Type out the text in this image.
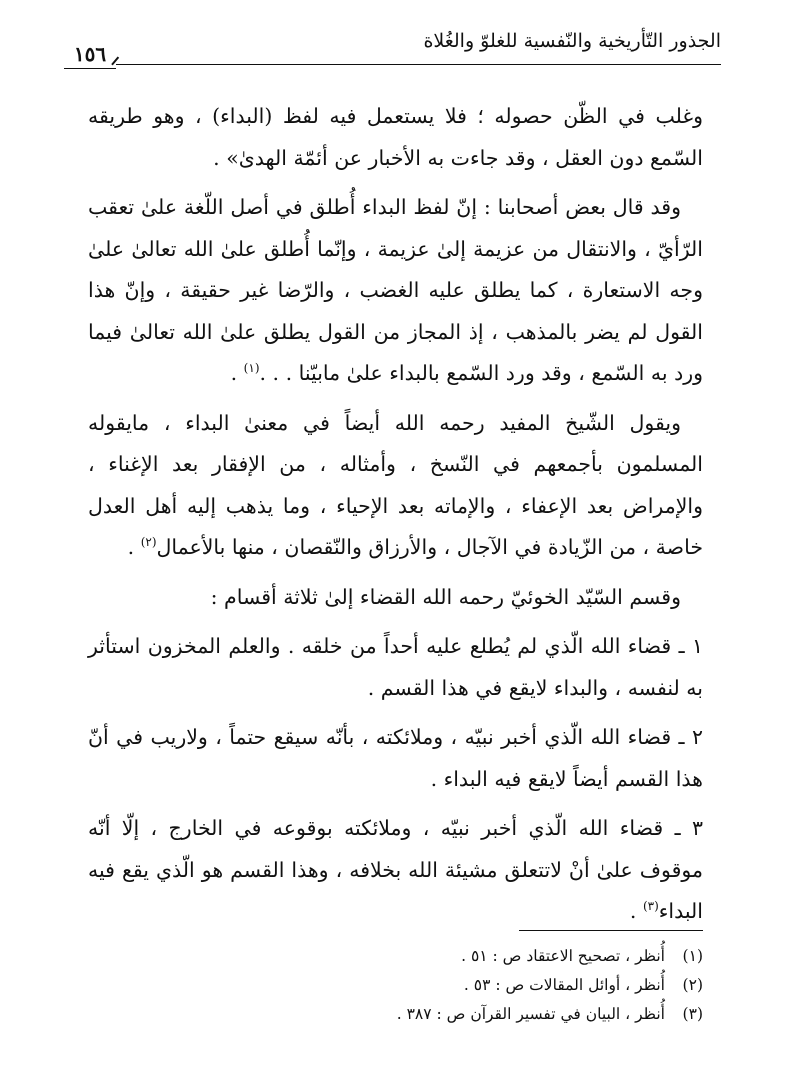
الجذور التّأريخية والنّفسية للغلوّ والغُلاة
١٥٦

وغلب في الظّن حصوله ؛ فلا يستعمل فيه لفظ (البداء) ، وهو طريقه السّمع دون العقل ، وقد جاءت به الأخبار عن أئمّة الهدىٰ» .

وقد قال بعض أصحابنا : إنّ لفظ البداء أُطلق في أصل اللّغة علىٰ تعقب الرّأيّ ، والانتقال من عزيمة إلىٰ عزيمة ، وإنّما أُطلق علىٰ الله تعالىٰ علىٰ وجه الاستعارة ، كما يطلق عليه الغضب ، والرّضا غير حقيقة ، وإنّ هذا القول لم يضر بالمذهب ، إذ المجاز من القول يطلق علىٰ الله تعالىٰ فيما ورد به السّمع ، وقد ورد السّمع بالبداء علىٰ مابيّنا . . .$^{(١)}$ .

ويقول الشّيخ المفيد رحمه الله أيضاً في معنىٰ البداء ، مايقوله المسلمون بأجمعهم في النّسخ ، وأمثاله ، من الإفقار بعد الإغناء ، والإمراض بعد الإعفاء ، والإماته بعد الإحياء ، وما يذهب إليه أهل العدل خاصة ، من الزّيادة في الآجال ، والأرزاق والنّقصان ، منها بالأعمال$^{(٢)}$ .

وقسم السّيّد الخوئيّ رحمه الله القضاء إلىٰ ثلاثة أقسام :

١ ـ قضاء الله الّذي لم يُطلع عليه أحداً من خلقه . والعلم المخزون استأثر به لنفسه ، والبداء لايقع في هذا القسم .

٢ ـ قضاء الله الّذي أخبر نبيّه ، وملائكته ، بأنّه سيقع حتماً ، ولاريب في أنّ هذا القسم أيضاً لايقع فيه البداء .

٣ ـ قضاء الله الّذي أخبر نبيّه ، وملائكته بوقوعه في الخارج ، إلّا أنّه موقوف علىٰ أنْ لاتتعلق مشيئة الله بخلافه ، وهذا القسم هو الّذي يقع فيه البداء$^{(٣)}$ .

(١)أُنظر ، تصحيح الاعتقاد ص : ٥١ .
(٢)أُنظر ، أوائل المقالات ص : ٥٣ .
(٣)أُنظر ، البيان في تفسير القرآن ص : ٣٨٧ .
